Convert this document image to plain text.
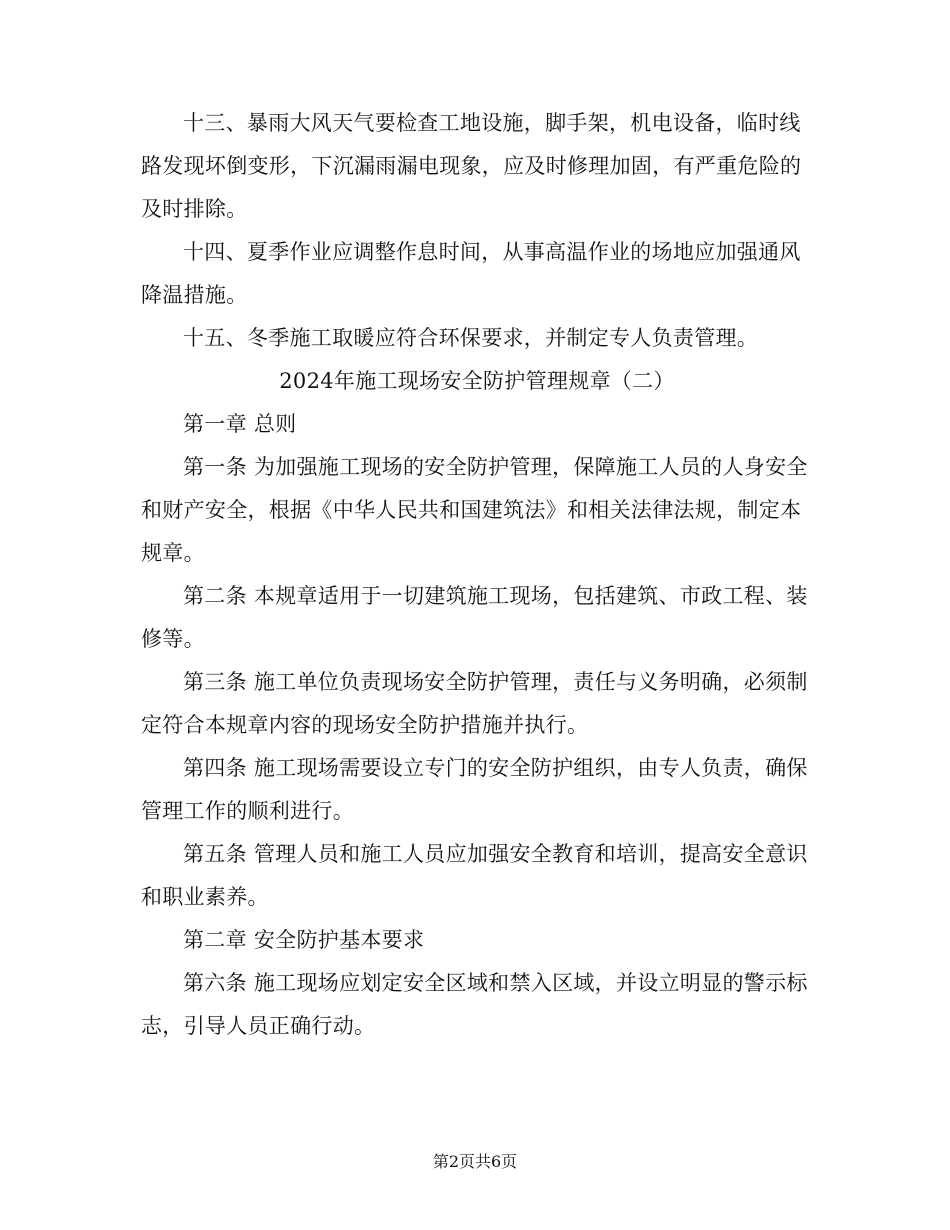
十三、暴雨大风天气要检查工地设施，脚手架，机电设备，临时线路发现坏倒变形，下沉漏雨漏电现象，应及时修理加固，有严重危险的及时排除。

十四、夏季作业应调整作息时间，从事高温作业的场地应加强通风降温措施。

十五、冬季施工取暖应符合环保要求，并制定专人负责管理。

2024年施工现场安全防护管理规章（二）

第一章 总则

第一条 为加强施工现场的安全防护管理，保障施工人员的人身安全和财产安全，根据《中华人民共和国建筑法》和相关法律法规，制定本规章。

第二条 本规章适用于一切建筑施工现场，包括建筑、市政工程、装修等。

第三条 施工单位负责现场安全防护管理，责任与义务明确，必须制定符合本规章内容的现场安全防护措施并执行。

第四条 施工现场需要设立专门的安全防护组织，由专人负责，确保管理工作的顺利进行。

第五条 管理人员和施工人员应加强安全教育和培训，提高安全意识和职业素养。

第二章 安全防护基本要求

第六条 施工现场应划定安全区域和禁入区域，并设立明显的警示标志，引导人员正确行动。

第2页共6页
